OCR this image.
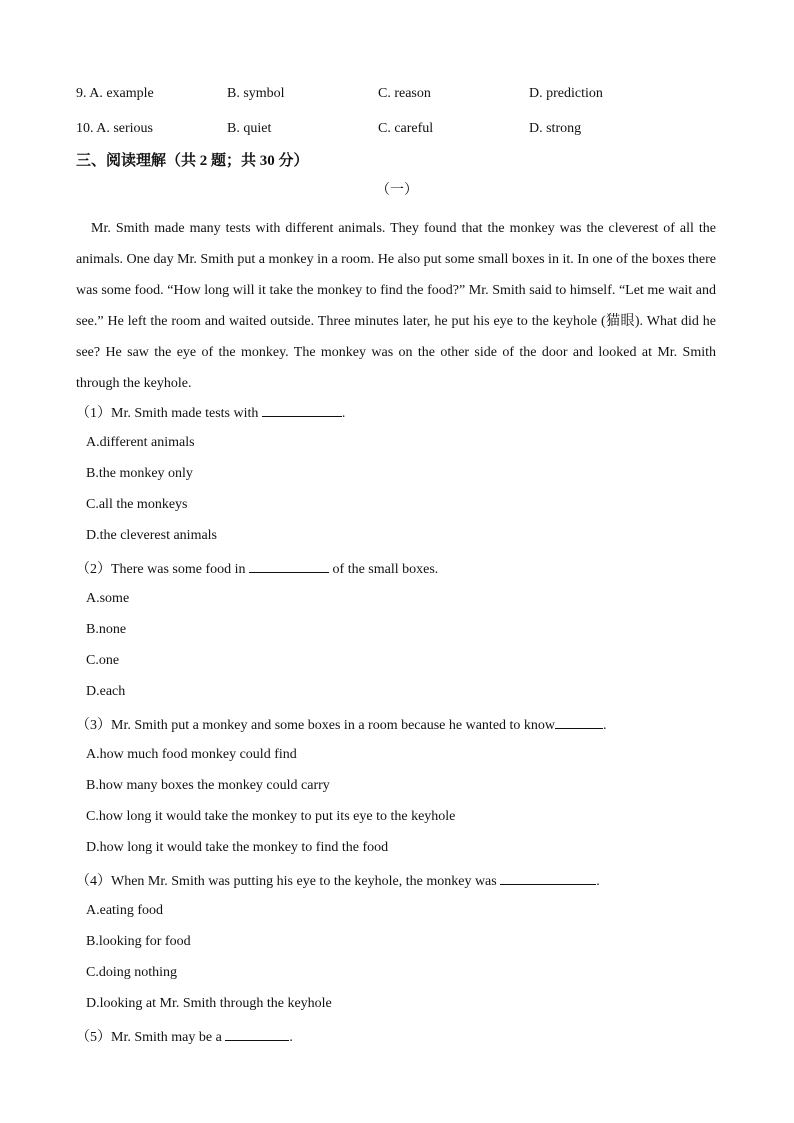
9. A. example	B. symbol	C. reason	D. prediction
10. A. serious	B. quiet	C. careful	D. strong
三、阅读理解（共 2 题；共 30 分）
（一）

Mr. Smith made many tests with different animals. They found that the monkey was the cleverest of all the animals. One day Mr. Smith put a monkey in a room. He also put some small boxes in it. In one of the boxes there was some food. “How long will it take the monkey to find the food?” Mr. Smith said to himself. “Let me wait and see.” He left the room and waited outside. Three minutes later, he put his eye to the keyhole (猫眼). What did he see? He saw the eye of the monkey. The monkey was on the other side of the door and looked at Mr. Smith through the keyhole.

（1）Mr. Smith made tests with	.
A.different animals
B.the monkey only
C.all the monkeys
D.the cleverest animals
（2）There was some food in	of the small boxes.
A.some
B.none
C.one
D.each
（3）Mr. Smith put a monkey and some boxes in a room because he wanted to know	.
A.how much food monkey could find
B.how many boxes the monkey could carry
C.how long it would take the monkey to put its eye to the keyhole
D.how long it would take the monkey to find the food
（4）When Mr. Smith was putting his eye to the keyhole, the monkey was	.
A.eating food
B.looking for food
C.doing nothing
D.looking at Mr. Smith through the keyhole
（5）Mr. Smith may be a	.
